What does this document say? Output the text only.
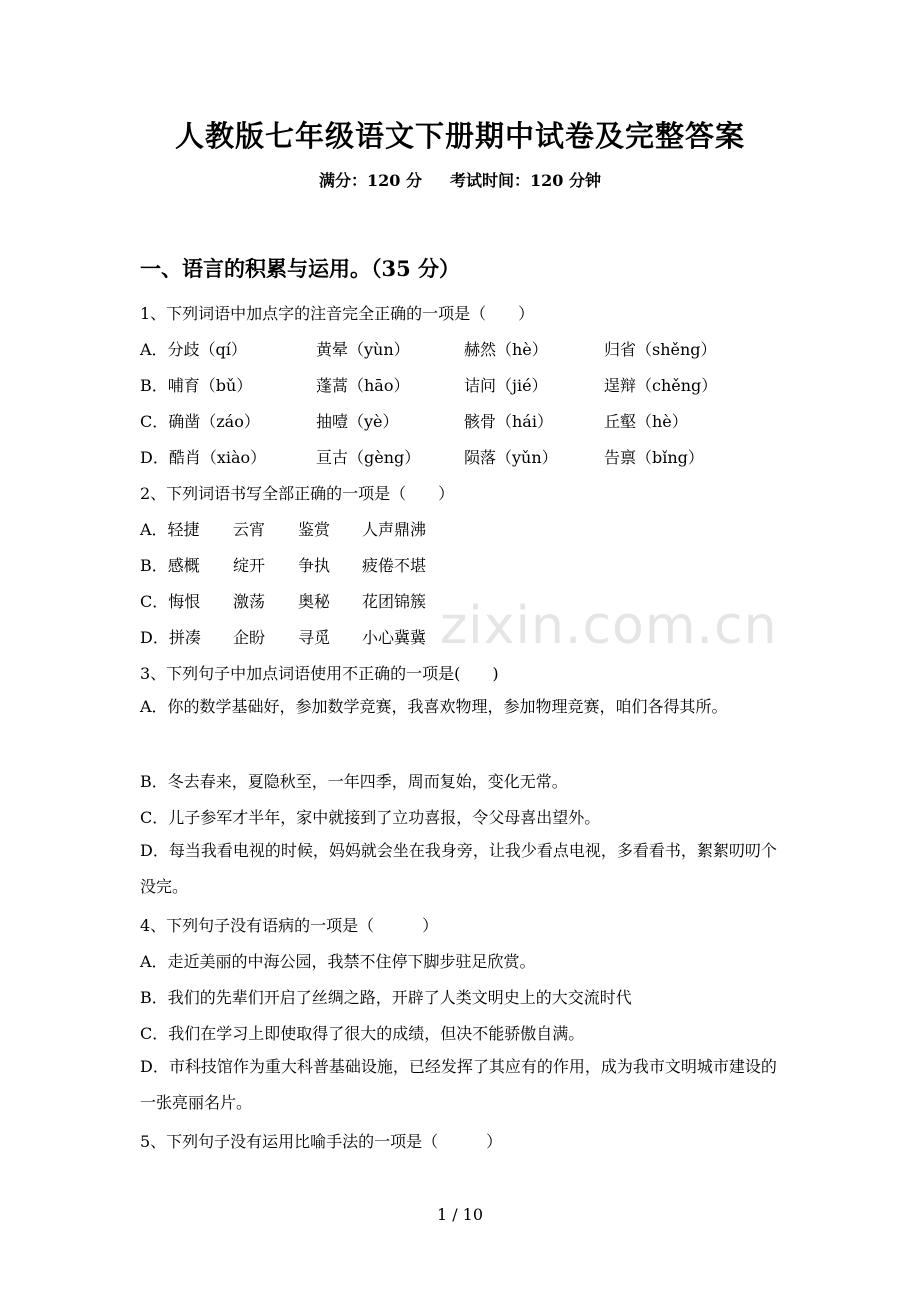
人教版七年级语文下册期中试卷及完整答案
满分：120 分 考试时间：120 分钟
一、语言的积累与运用。（35 分）
1、下列词语中加点字的注音完全正确的一项是（　　）
A．分歧（qí）	黄晕（yùn）	赫然（hè）	归省（shěng）
B．哺育（bǔ）	蓬蒿（hāo）	诘问（jié）	逞辩（chěng）
C．确凿（záo）	抽噎（yè）	骸骨（hái）	丘壑（hè）
D．酷肖（xiào）	亘古（gèng）	陨落（yǔn）	告禀（bǐng）
2、下列词语书写全部正确的一项是（　　）
A．轻捷 云宵 鉴赏 人声鼎沸
B．感概 绽开 争执 疲倦不堪
C．悔恨 激荡 奥秘 花团锦簇
D．拼凑 企盼 寻觅 小心冀冀
3、下列句子中加点词语使用不正确的一项是(　　)
A．你的数学基础好，参加数学竞赛，我喜欢物理，参加物理竞赛，咱们各得其所。
B．冬去春来，夏隐秋至，一年四季，周而复始，变化无常。
C．儿子参军才半年，家中就接到了立功喜报，令父母喜出望外。
D．每当我看电视的时候，妈妈就会坐在我身旁，让我少看点电视，多看看书，絮絮叨叨个没完。
4、下列句子没有语病的一项是（　　　）
A．走近美丽的中海公园，我禁不住停下脚步驻足欣赏。
B．我们的先辈们开启了丝绸之路，开辟了人类文明史上的大交流时代
C．我们在学习上即使取得了很大的成绩，但决不能骄傲自满。
D．市科技馆作为重大科普基础设施，已经发挥了其应有的作用，成为我市文明城市建设的一张亮丽名片。
5、下列句子没有运用比喻手法的一项是（　　　）
zixin.com.cn
1 / 10
